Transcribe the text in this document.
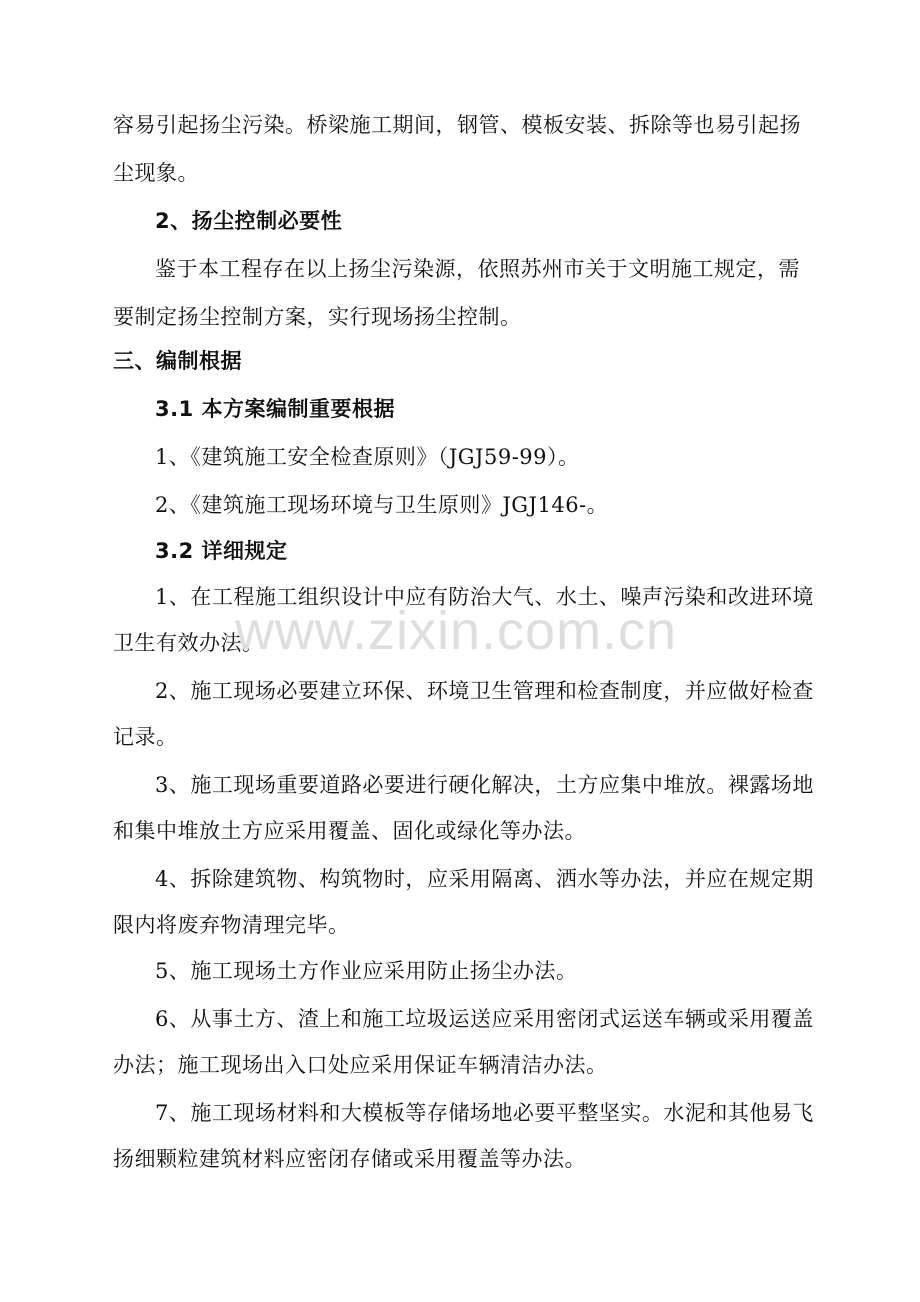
容易引起扬尘污染。桥梁施工期间，钢管、模板安装、拆除等也易引起扬
尘现象。
2、扬尘控制必要性
鉴于本工程存在以上扬尘污染源，依照苏州市关于文明施工规定，需
要制定扬尘控制方案，实行现场扬尘控制。
三、编制根据
3.1 本方案编制重要根据
1、《建筑施工安全检查原则》（JGJ59-99）。
2、《建筑施工现场环境与卫生原则》JGJ146-。
3.2 详细规定
1、在工程施工组织设计中应有防治大气、水土、噪声污染和改进环境
卫生有效办法。
2、施工现场必要建立环保、环境卫生管理和检查制度，并应做好检查
记录。
3、施工现场重要道路必要进行硬化解决，土方应集中堆放。裸露场地
和集中堆放土方应采用覆盖、固化或绿化等办法。
4、拆除建筑物、构筑物时，应采用隔离、洒水等办法，并应在规定期
限内将废弃物清理完毕。
5、施工现场土方作业应采用防止扬尘办法。
6、从事土方、渣上和施工垃圾运送应采用密闭式运送车辆或采用覆盖
办法；施工现场出入口处应采用保证车辆清洁办法。
7、施工现场材料和大模板等存储场地必要平整坚实。水泥和其他易飞
扬细颗粒建筑材料应密闭存储或采用覆盖等办法。
www.zixin.com.cn
